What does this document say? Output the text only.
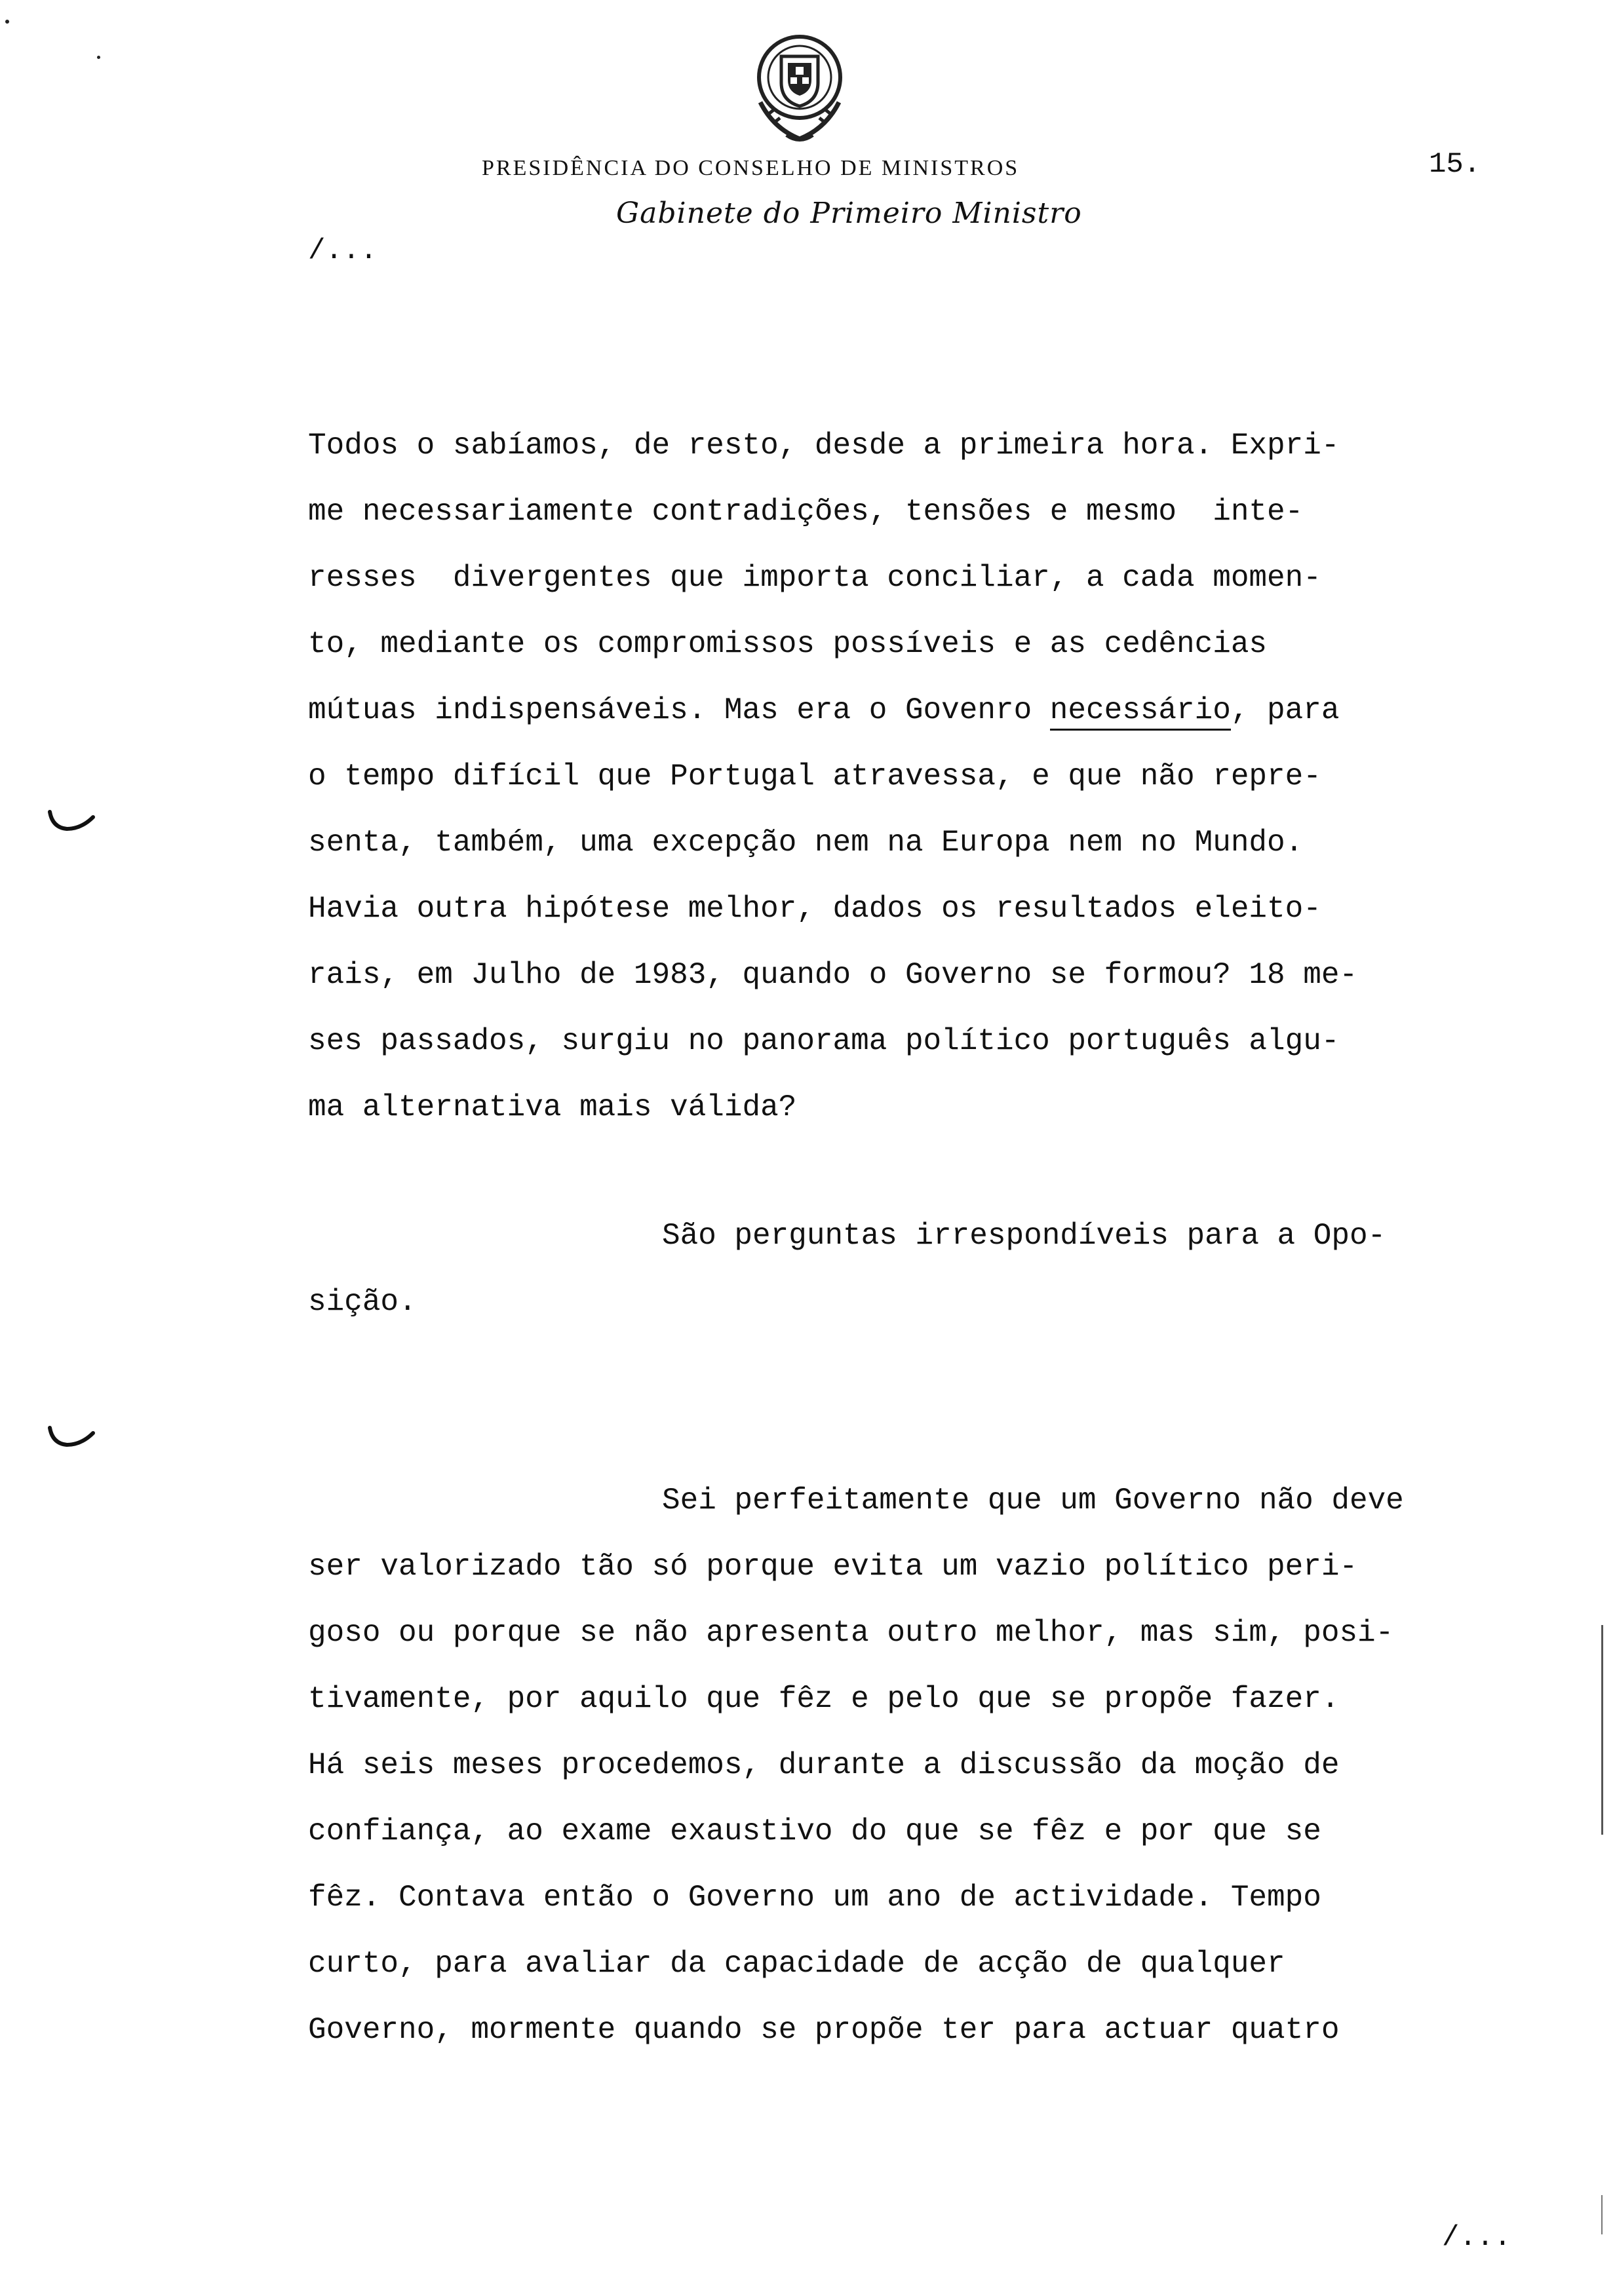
PRESIDÊNCIA DO CONSELHO DE MINISTROS
Gabinete do Primeiro Ministro
15.
/...
Todos o sabíamos, de resto, desde a primeira hora. Expri-
me necessariamente contradições, tensões e mesmo  inte-
resses  divergentes que importa conciliar, a cada momen-
to, mediante os compromissos possíveis e as cedências
mútuas indispensáveis. Mas era o Govenro necessário, para
o tempo difícil que Portugal atravessa, e que não repre-
senta, também, uma excepção nem na Europa nem no Mundo.
Havia outra hipótese melhor, dados os resultados eleito-
rais, em Julho de 1983, quando o Governo se formou? 18 me-
ses passados, surgiu no panorama político português algu-
ma alternativa mais válida?
São perguntas irrespondíveis para a Opo-
sição.
Sei perfeitamente que um Governo não deve
ser valorizado tão só porque evita um vazio político peri-
goso ou porque se não apresenta outro melhor, mas sim, posi-
tivamente, por aquilo que fêz e pelo que se propõe fazer.
Há seis meses procedemos, durante a discussão da moção de
confiança, ao exame exaustivo do que se fêz e por que se
fêz. Contava então o Governo um ano de actividade. Tempo
curto, para avaliar da capacidade de acção de qualquer
Governo, mormente quando se propõe ter para actuar quatro
/...
